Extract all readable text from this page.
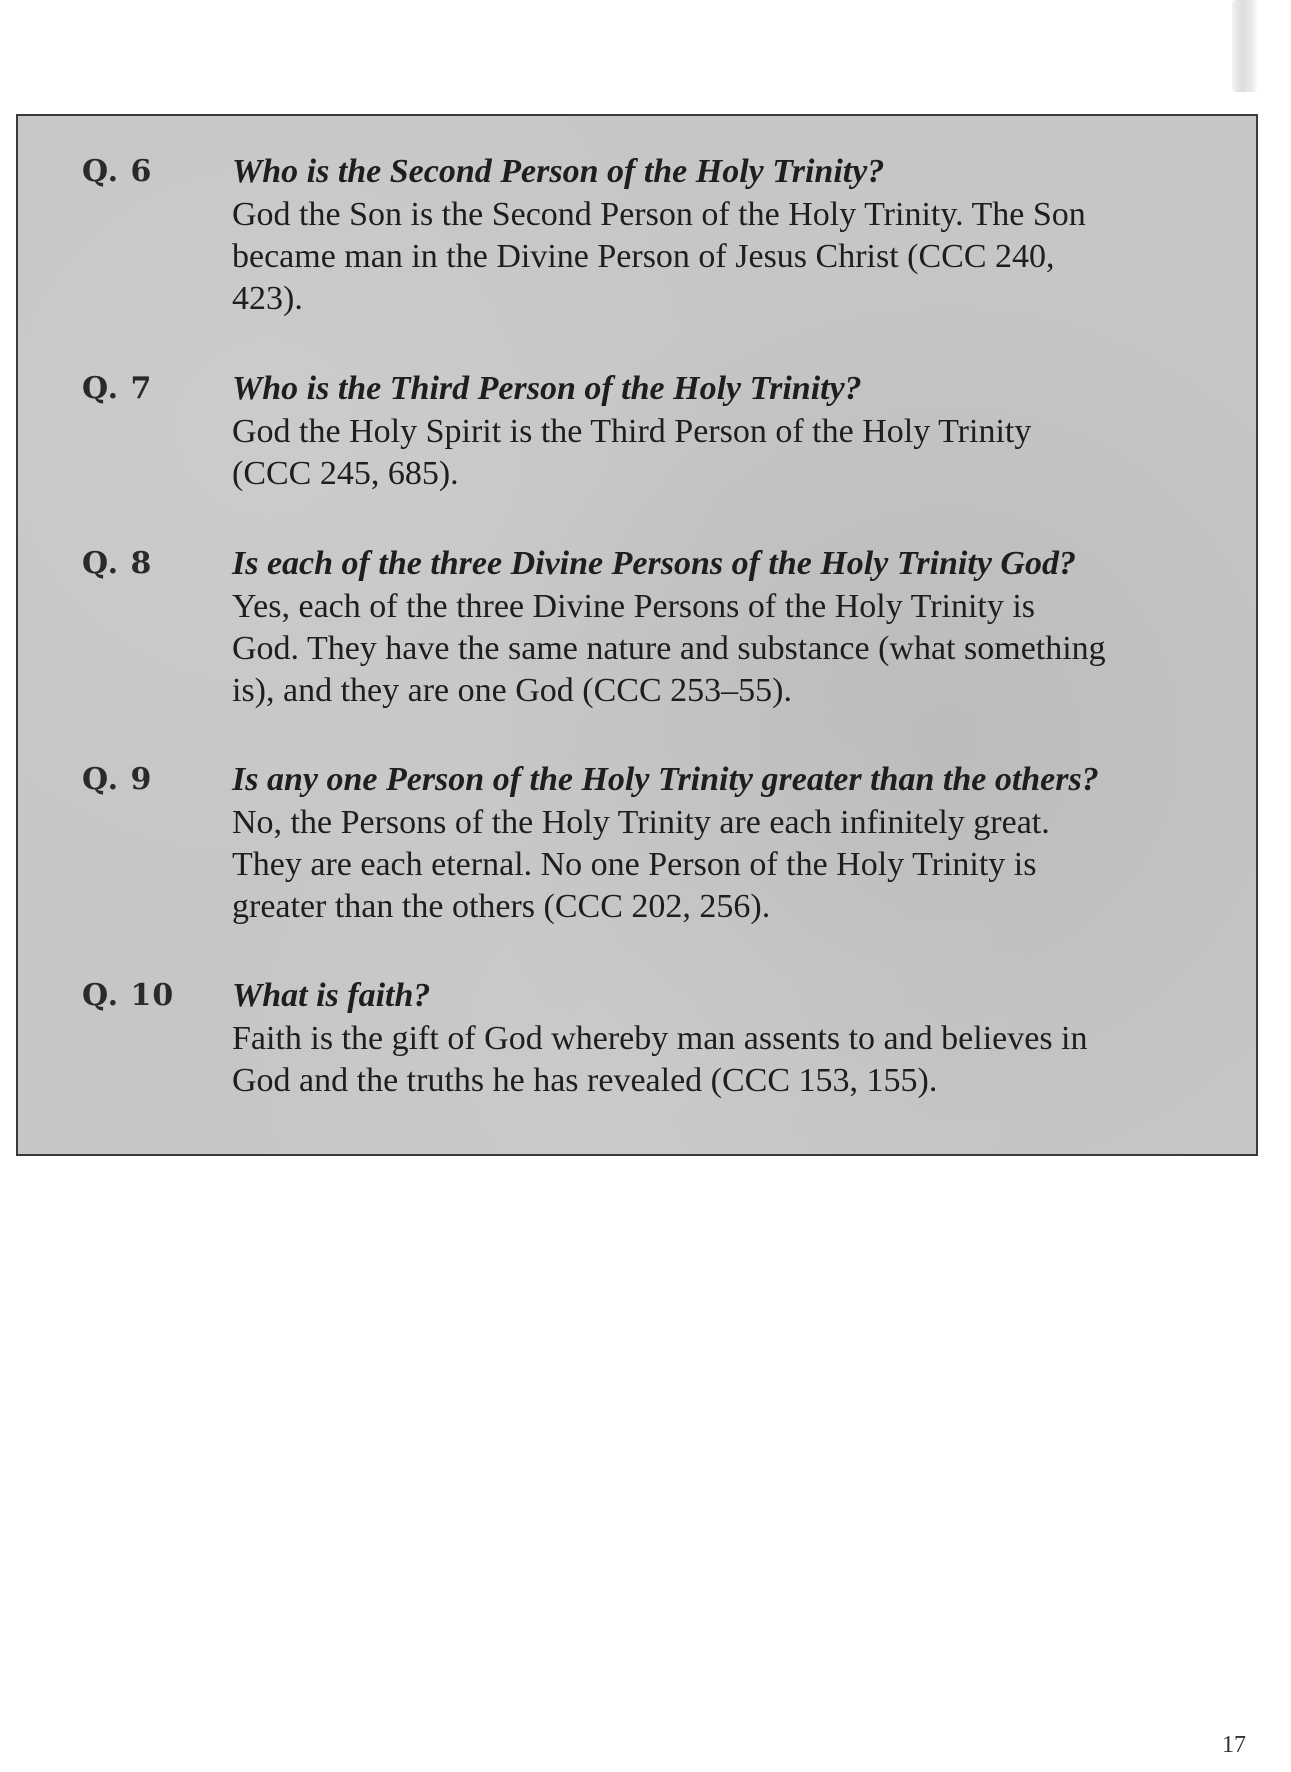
Q. 6 Who is the Second Person of the Holy Trinity?

God the Son is the Second Person of the Holy Trinity. The Son
became man in the Divine Person of Jesus Christ (CCC 240,
423).

Q. 7 Who is the Third Person of the Holy Trinity?

God the Holy Spirit is the Third Person of the Holy Trinity
(CCC 245, 685).

Q. 8 Is each of the three Divine Persons of the Holy Trinity God?

Yes, each of the three Divine Persons of the Holy Trinity is
God. They have the same nature and substance (what something
is), and they are one God (CCC 253–55).

Q. 9 Is any one Person of the Holy Trinity greater than the others?

No, the Persons of the Holy Trinity are each infinitely great.
They are each eternal. No one Person of the Holy Trinity is
greater than the others (CCC 202, 256).

Q. 10 What is faith?

Faith is the gift of God whereby man assents to and believes in
God and the truths he has revealed (CCC 153, 155).

17
